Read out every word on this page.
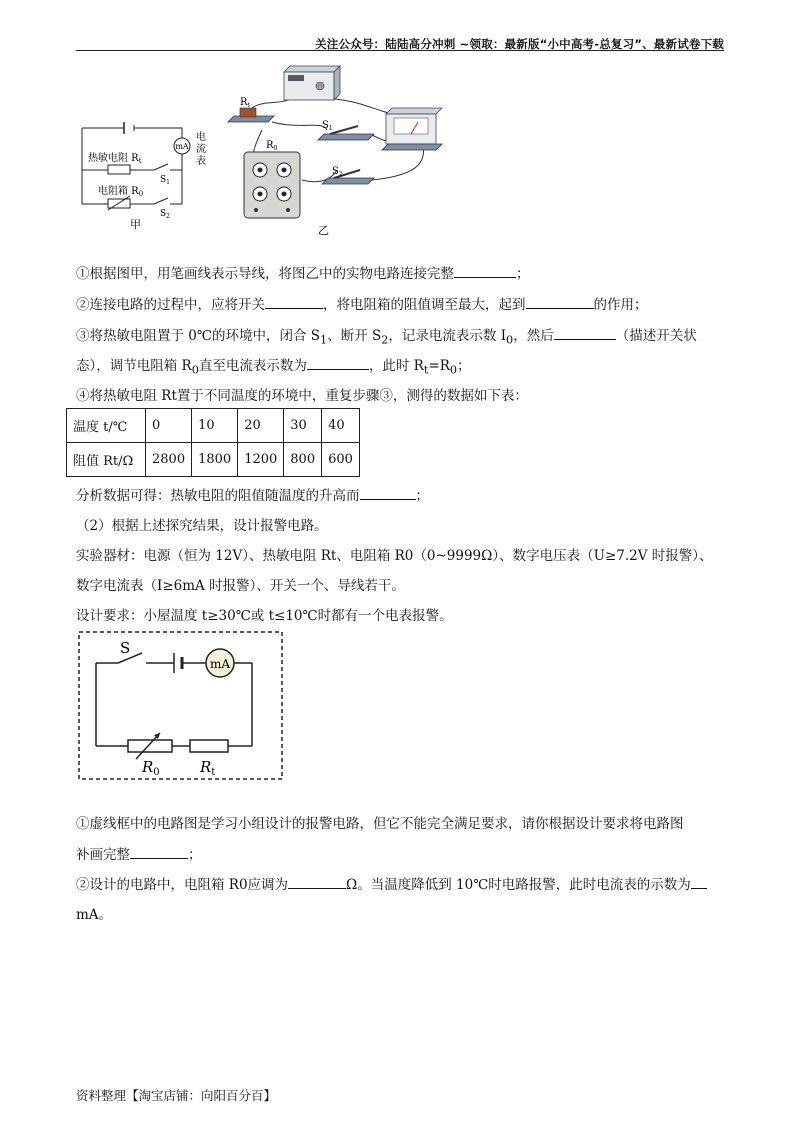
关注公众号：陆陆高分冲刺 ~领取：最新版“小中高考-总复习”、最新试卷下载
mA
电
流
表
热敏电阻 $R_t$
电阻箱 $R_0$
$S_1$
$S_2$
甲
$R_t$
$S_1$
$R_0$
$S_2$
乙
①根据图甲，用笔画线表示导线，将图乙中的实物电路连接完整	；
②连接电路的过程中，应将开关	，将电阻箱的阻值调至最大，起到	的作用；
③将热敏电阻置于 0℃的环境中，闭合 $S_1$、断开 $S_2$，记录电流表示数 $I_0$，然后	（描述开关状
态），调节电阻箱 $R_0$直至电流表示数为	，此时 $R_t=R_0$；
④将热敏电阻 Rt置于不同温度的环境中，重复步骤③，测得的数据如下表：
温度 t/℃	0	10	20	30	40
阻值 Rt/Ω	2800	1800	1200	800	600
分析数据可得：热敏电阻的阻值随温度的升高而	；
（2）根据上述探究结果，设计报警电路。
实验器材：电源（恒为 12V）、热敏电阻 Rt、电阻箱 R0（0~9999Ω）、数字电压表（U≥7.2V 时报警）、
数字电流表（I≥6mA 时报警）、开关一个、导线若干。
设计要求：小屋温度 t≥30℃或 t≤10℃时都有一个电表报警。
mA
S
$R_0$	$R_t$
①虚线框中的电路图是学习小组设计的报警电路，但它不能完全满足要求，请你根据设计要求将电路图
补画完整	；
②设计的电路中，电阻箱 R0应调为	Ω。当温度降低到 10℃时电路报警，此时电流表的示数为
mA。
资料整理【淘宝店铺：向阳百分百】
